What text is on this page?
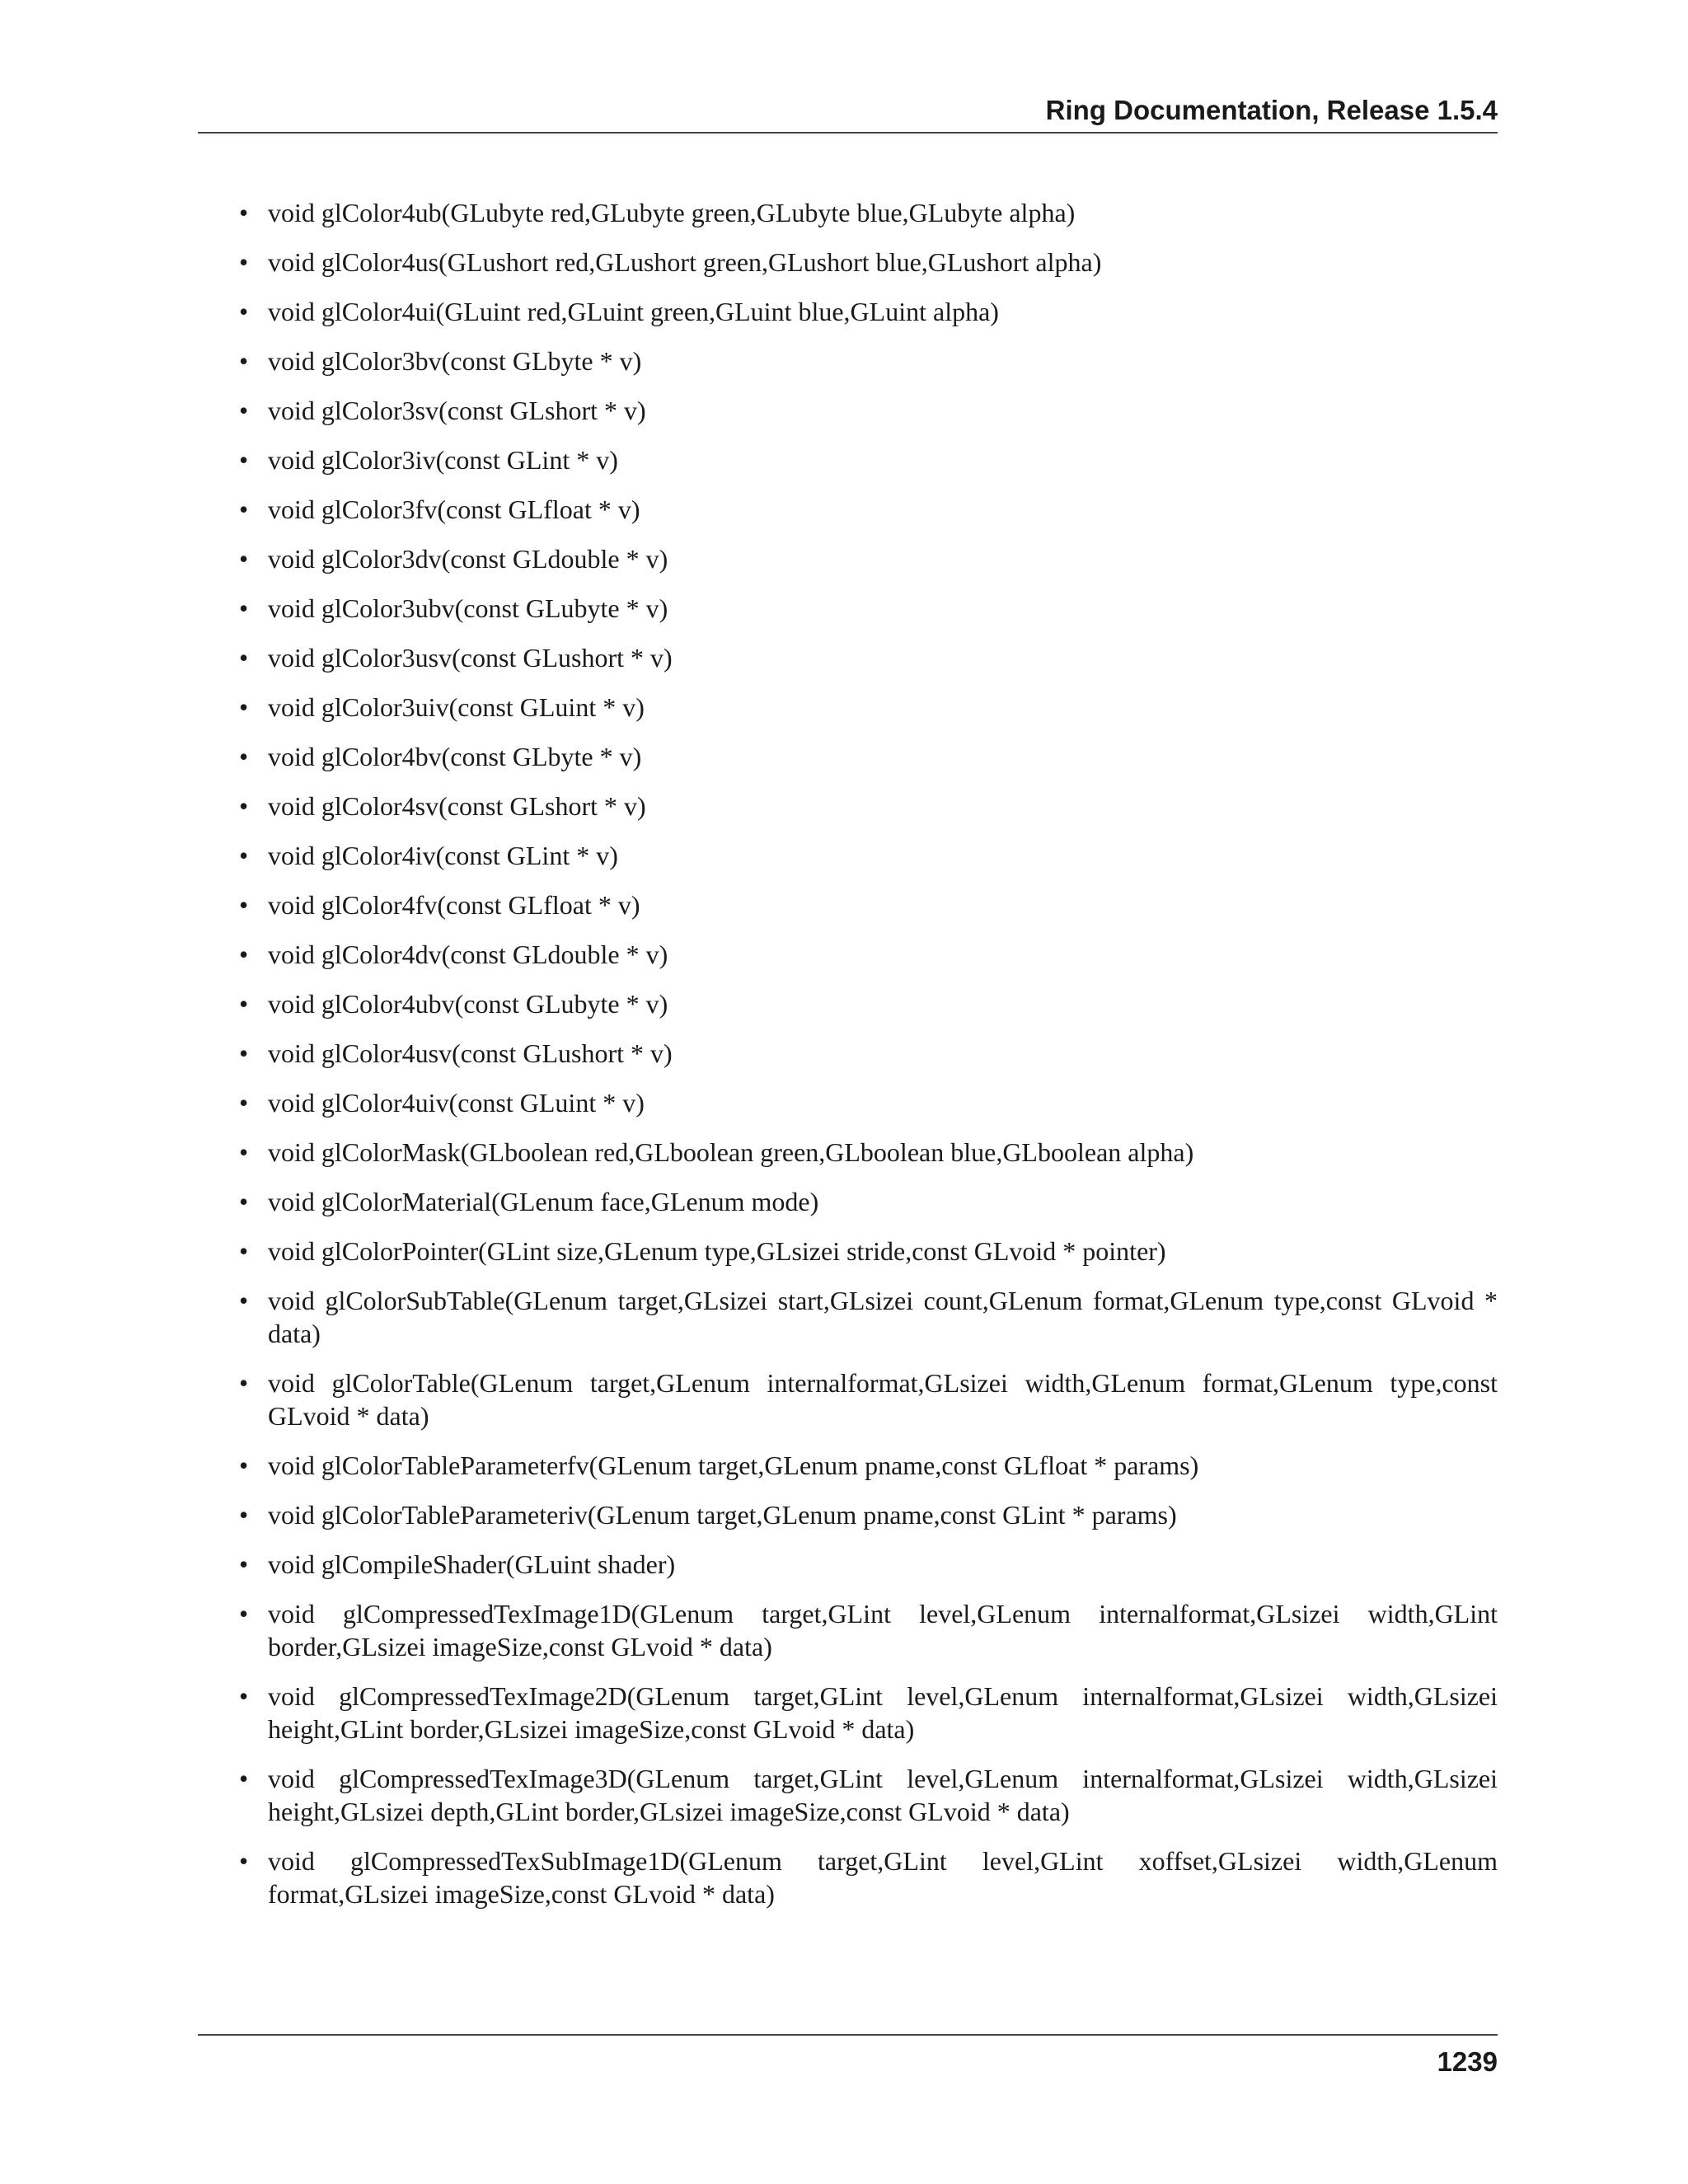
Ring Documentation, Release 1.5.4
• void glColor4ub(GLubyte red,GLubyte green,GLubyte blue,GLubyte alpha)
• void glColor4us(GLushort red,GLushort green,GLushort blue,GLushort alpha)
• void glColor4ui(GLuint red,GLuint green,GLuint blue,GLuint alpha)
• void glColor3bv(const GLbyte * v)
• void glColor3sv(const GLshort * v)
• void glColor3iv(const GLint * v)
• void glColor3fv(const GLfloat * v)
• void glColor3dv(const GLdouble * v)
• void glColor3ubv(const GLubyte * v)
• void glColor3usv(const GLushort * v)
• void glColor3uiv(const GLuint * v)
• void glColor4bv(const GLbyte * v)
• void glColor4sv(const GLshort * v)
• void glColor4iv(const GLint * v)
• void glColor4fv(const GLfloat * v)
• void glColor4dv(const GLdouble * v)
• void glColor4ubv(const GLubyte * v)
• void glColor4usv(const GLushort * v)
• void glColor4uiv(const GLuint * v)
• void glColorMask(GLboolean red,GLboolean green,GLboolean blue,GLboolean alpha)
• void glColorMaterial(GLenum face,GLenum mode)
• void glColorPointer(GLint size,GLenum type,GLsizei stride,const GLvoid * pointer)
• void glColorSubTable(GLenum target,GLsizei start,GLsizei count,GLenum format,GLenum type,const GLvoid * data)
• void glColorTable(GLenum target,GLenum internalformat,GLsizei width,GLenum format,GLenum type,const GLvoid * data)
• void glColorTableParameterfv(GLenum target,GLenum pname,const GLfloat * params)
• void glColorTableParameteriv(GLenum target,GLenum pname,const GLint * params)
• void glCompileShader(GLuint shader)
• void glCompressedTexImage1D(GLenum target,GLint level,GLenum internalformat,GLsizei width,GLint border,GLsizei imageSize,const GLvoid * data)
• void glCompressedTexImage2D(GLenum target,GLint level,GLenum internalformat,GLsizei width,GLsizei height,GLint border,GLsizei imageSize,const GLvoid * data)
• void glCompressedTexImage3D(GLenum target,GLint level,GLenum internalformat,GLsizei width,GLsizei height,GLsizei depth,GLint border,GLsizei imageSize,const GLvoid * data)
• void glCompressedTexSubImage1D(GLenum target,GLint level,GLint xoffset,GLsizei width,GLenum format,GLsizei imageSize,const GLvoid * data)
1239
